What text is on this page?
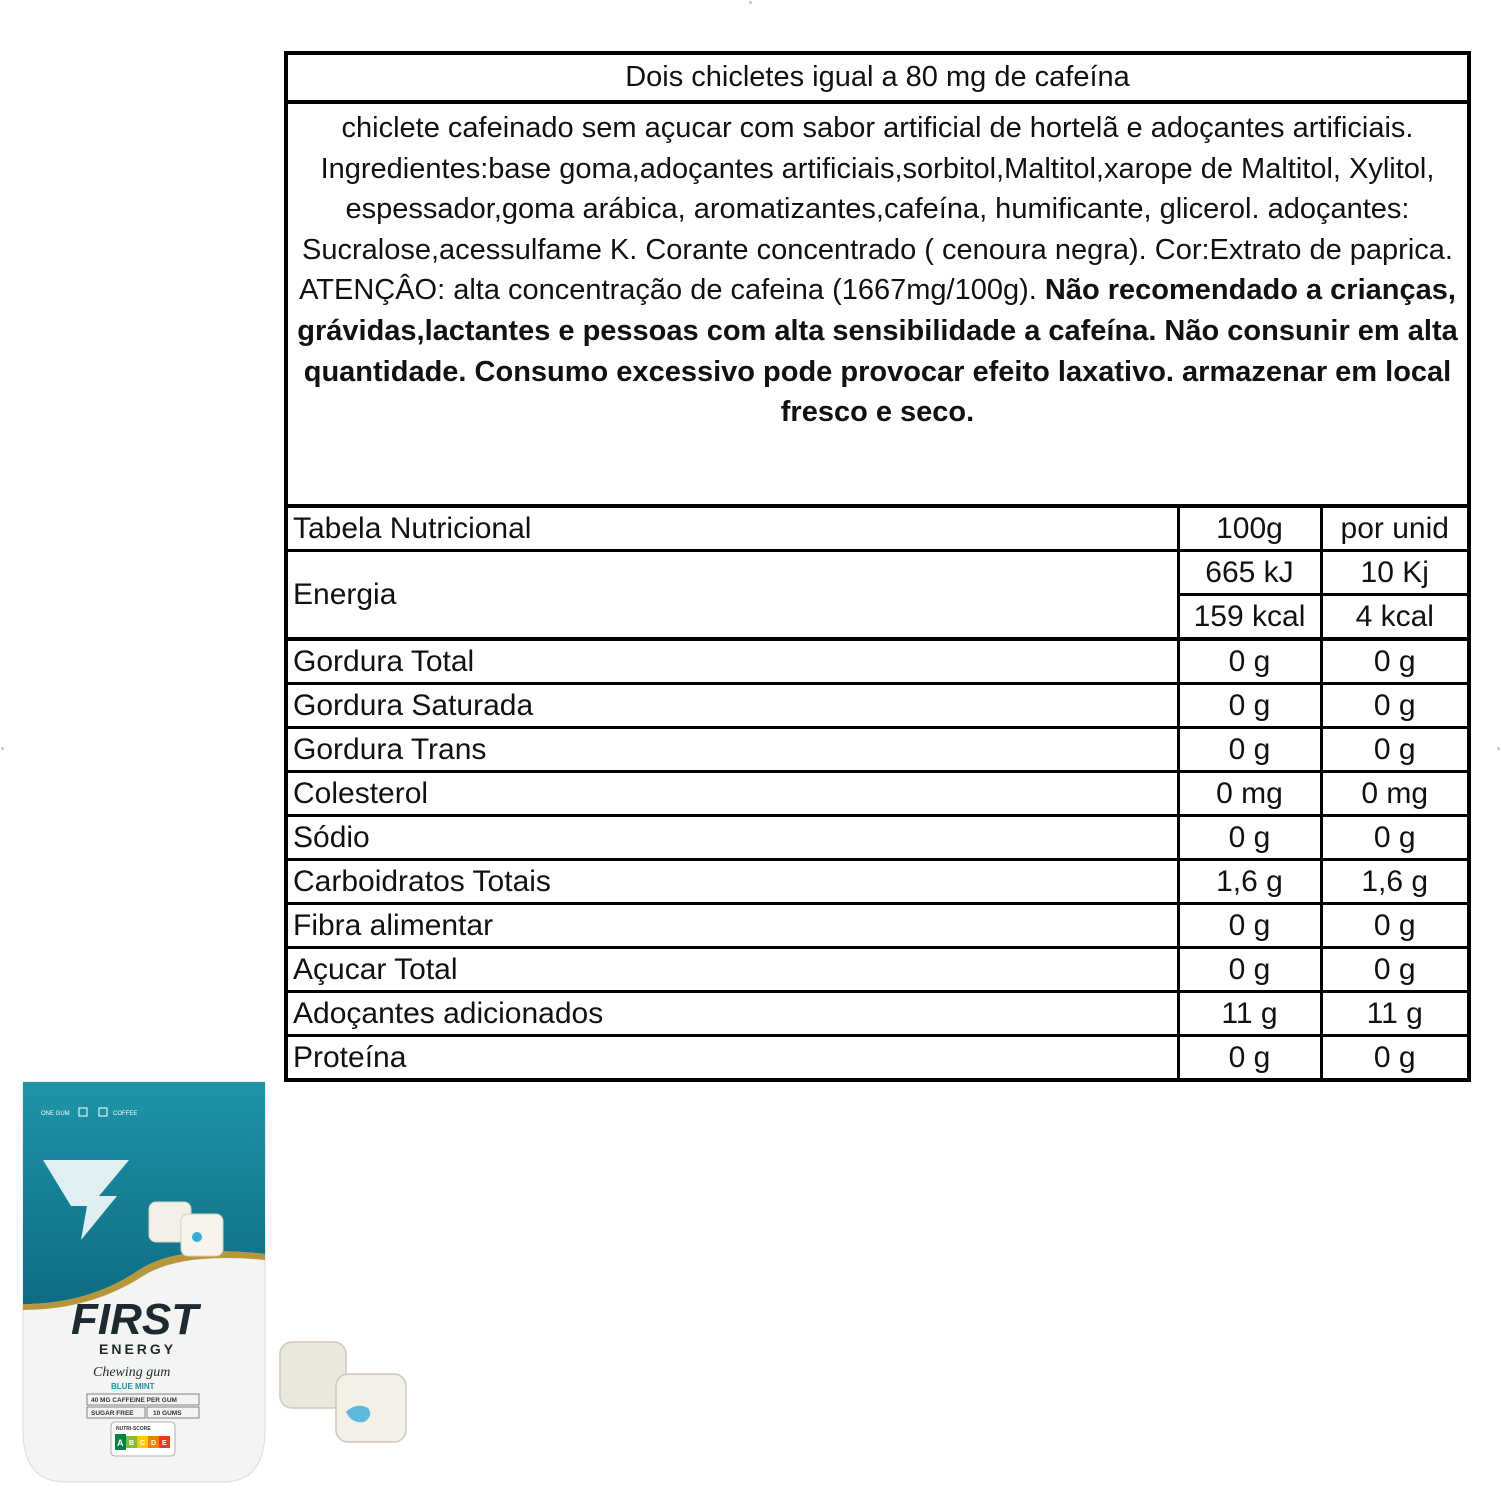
Dois chicletes igual a 80 mg de cafeína
chiclete cafeinado sem açucar com sabor artificial de hortelã e adoçantes artificiais. Ingredientes:base goma,adoçantes artificiais,sorbitol,Maltitol,xarope de Maltitol, Xylitol, espessador,goma arábica, aromatizantes,cafeína, humificante, glicerol. adoçantes: Sucralose,acessulfame K. Corante concentrado ( cenoura negra). Cor:Extrato de paprica. ATENÇÂO: alta concentração de cafeina (1667mg/100g). Não recomendado a crianças, grávidas,lactantes e pessoas com alta sensibilidade a cafeína. Não consunir em alta quantidade. Consumo excessivo pode provocar efeito laxativo. armazenar em local fresco e seco.
Tabela Nutricional	100g	por unid
Energia	665 kJ	10 Kj
	159 kcal	4 kcal
Gordura Total	0 g	0 g
Gordura Saturada	0 g	0 g
Gordura Trans	0 g	0 g
Colesterol	0 mg	0 mg
Sódio	0 g	0 g
Carboidratos Totais	1,6 g	1,6 g
Fibra alimentar	0 g	0 g
Açucar Total	0 g	0 g
Adoçantes adicionados	11 g	11 g
Proteína	0 g	0 g
ONE GUM	COFFEE
FIRST
ENERGY
Chewing gum
BLUE MINT
40 MG CAFFEINE PER GUM
SUGAR FREE	10 GUMS
NUTRI-SCORE
A B C D E
